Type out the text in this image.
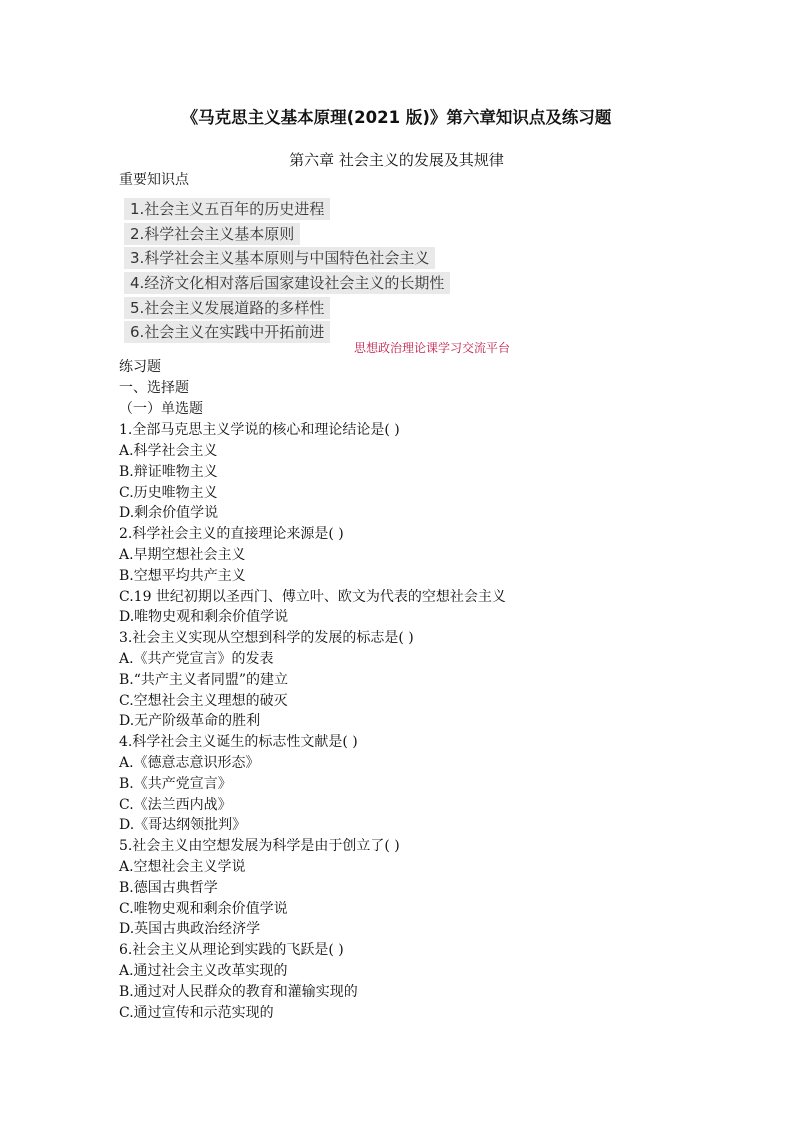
《马克思主义基本原理(2021 版)》第六章知识点及练习题
第六章 社会主义的发展及其规律
重要知识点
1.社会主义五百年的历史进程
2.科学社会主义基本原则
3.科学社会主义基本原则与中国特色社会主义
4.经济文化相对落后国家建设社会主义的长期性
5.社会主义发展道路的多样性
6.社会主义在实践中开拓前进
思想政治理论课学习交流平台
练习题
一、选择题
（一）单选题
1.全部马克思主义学说的核心和理论结论是( )
A.科学社会主义
B.辩证唯物主义
C.历史唯物主义
D.剩余价值学说
2.科学社会主义的直接理论来源是( )
A.早期空想社会主义
B.空想平均共产主义
C.19 世纪初期以圣西门、傅立叶、欧文为代表的空想社会主义
D.唯物史观和剩余价值学说
3.社会主义实现从空想到科学的发展的标志是( )
A.《共产党宣言》的发表
B.“共产主义者同盟”的建立
C.空想社会主义理想的破灭
D.无产阶级革命的胜利
4.科学社会主义诞生的标志性文献是( )
A.《德意志意识形态》
B.《共产党宣言》
C.《法兰西内战》
D.《哥达纲领批判》
5.社会主义由空想发展为科学是由于创立了( )
A.空想社会主义学说
B.德国古典哲学
C.唯物史观和剩余价值学说
D.英国古典政治经济学
6.社会主义从理论到实践的飞跃是( )
A.通过社会主义改革实现的
B.通过对人民群众的教育和灌输实现的
C.通过宣传和示范实现的
